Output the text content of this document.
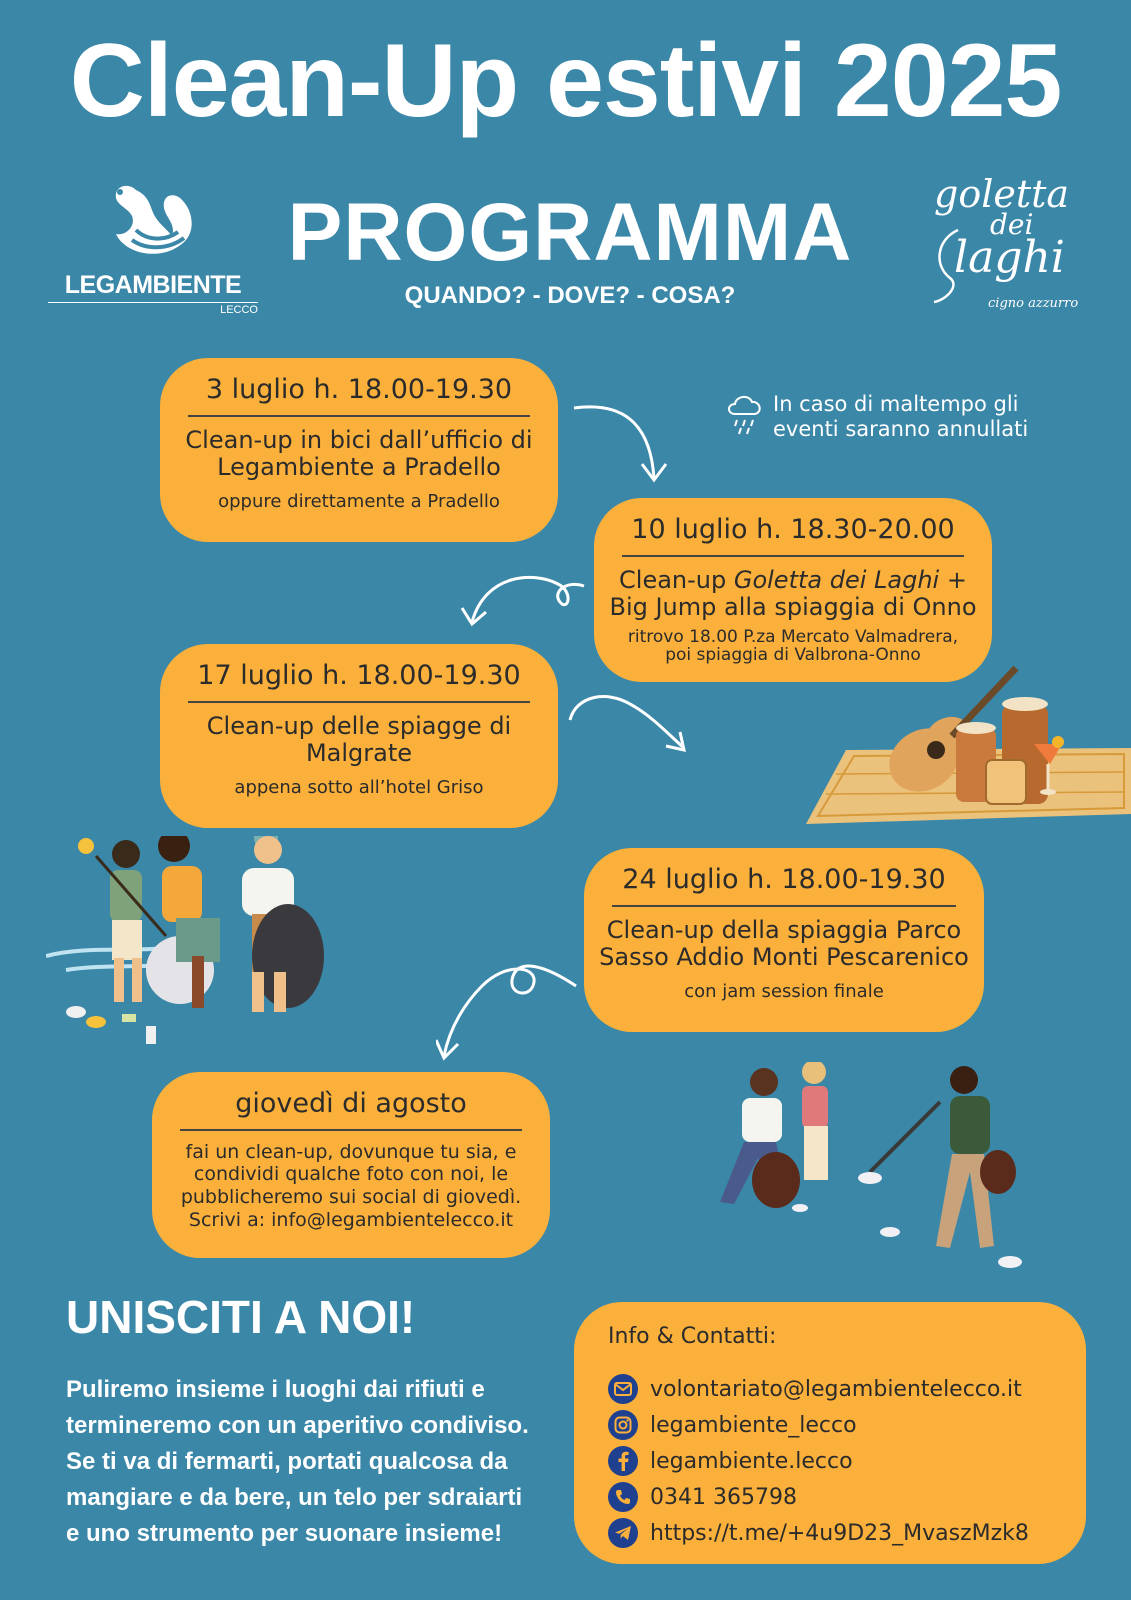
Clean-Up estivi 2025
LEGAMBIENTE
LECCO
PROGRAMMA
QUANDO? - DOVE? - COSA?
goletta
dei
laghi
cigno azzurro
In caso di maltempo gli
eventi saranno annullati
3 luglio h. 18.00-19.30
Clean-up in bici dall’ufficio di
Legambiente a Pradello
oppure direttamente a Pradello
10 luglio h. 18.30-20.00
Clean-up Goletta dei Laghi +
Big Jump alla spiaggia di Onno
ritrovo 18.00 P.za Mercato Valmadrera,
poi spiaggia di Valbrona-Onno
17 luglio h. 18.00-19.30
Clean-up delle spiagge di
Malgrate
appena sotto all’hotel Griso
24 luglio h. 18.00-19.30
Clean-up della spiaggia Parco
Sasso Addio Monti Pescarenico
con jam session finale
giovedì di agosto
fai un clean-up, dovunque tu sia, e
condividi qualche foto con noi, le
pubblicheremo sui social di giovedì.
Scrivi a: info@legambientelecco.it
UNISCITI A NOI!
Puliremo insieme i luoghi dai rifiuti e
termineremo con un aperitivo condiviso.
Se ti va di fermarti, portati qualcosa da
mangiare e da bere, un telo per sdraiarti
e uno strumento per suonare insieme!
Info & Contatti:
volontariato@legambientelecco.it
legambiente_lecco
legambiente.lecco
0341 365798
https://t.me/+4u9D23_MvaszMzk8
